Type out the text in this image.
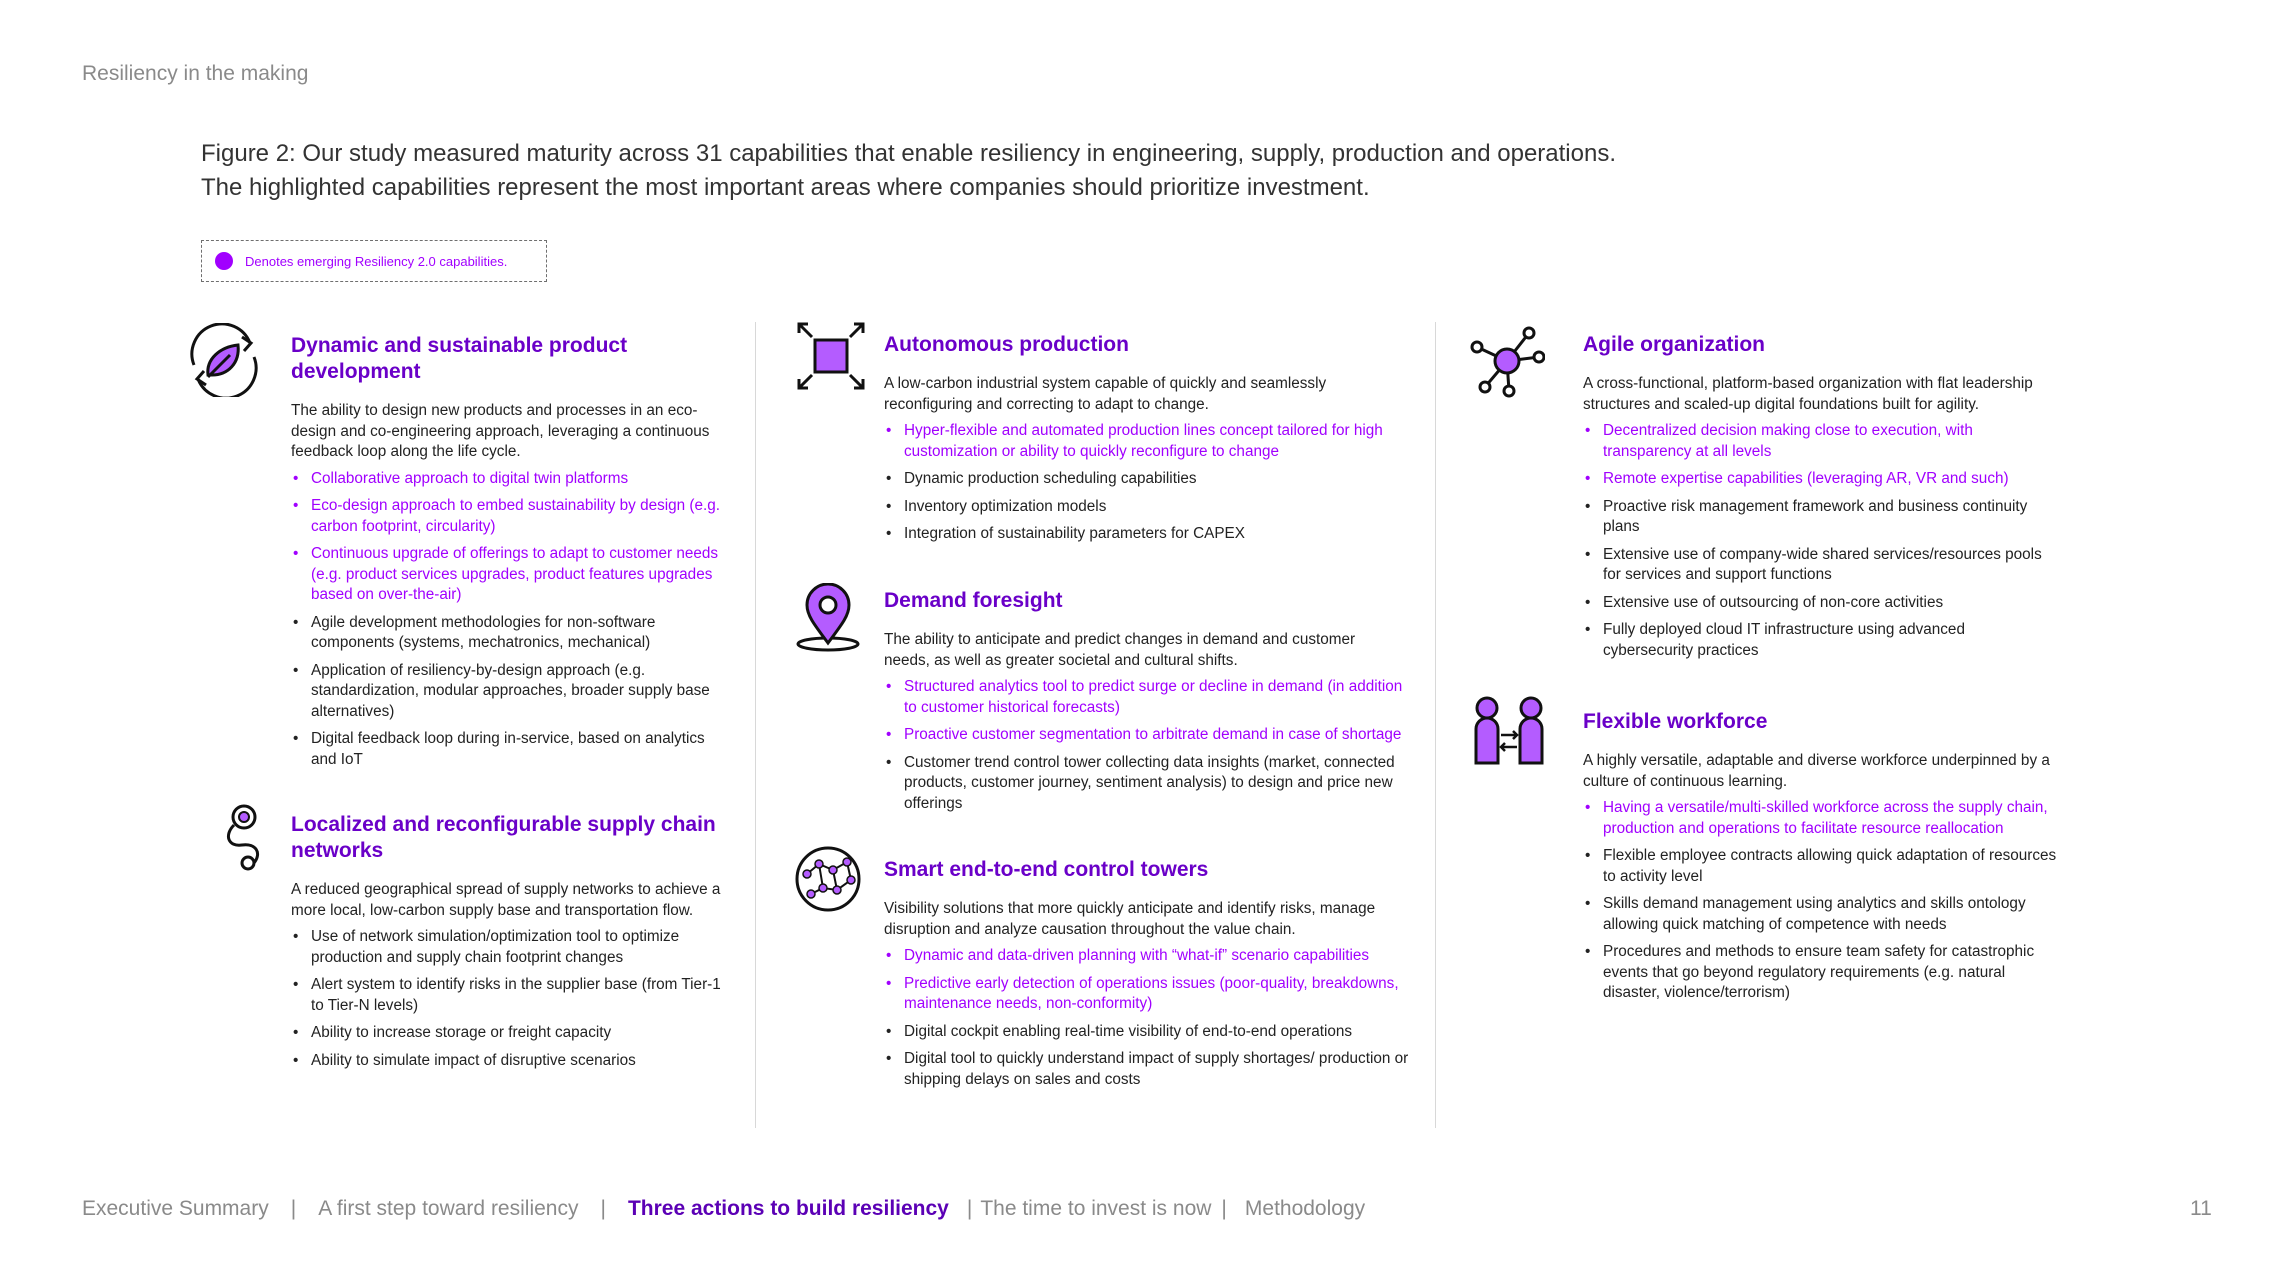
Resiliency in the making
Figure 2: Our study measured maturity across 31 capabilities that enable resiliency in engineering, supply, production and operations.
The highlighted capabilities represent the most important areas where companies should prioritize investment.
Denotes emerging Resiliency 2.0 capabilities.
Dynamic and sustainable product development
The ability to design new products and processes in an eco-design and co-engineering approach, leveraging a continuous feedback loop along the life cycle.
• Collaborative approach to digital twin platforms
• Eco-design approach to embed sustainability by design (e.g. carbon footprint, circularity)
• Continuous upgrade of offerings to adapt to customer needs (e.g. product services upgrades, product features upgrades based on over-the-air)
• Agile development methodologies for non-software components (systems, mechatronics, mechanical)
• Application of resiliency-by-design approach (e.g. standardization, modular approaches, broader supply base alternatives)
• Digital feedback loop during in-service, based on analytics and IoT
Localized and reconfigurable supply chain networks
A reduced geographical spread of supply networks to achieve a more local, low-carbon supply base and transportation flow.
• Use of network simulation/optimization tool to optimize production and supply chain footprint changes
• Alert system to identify risks in the supplier base (from Tier-1 to Tier-N levels)
• Ability to increase storage or freight capacity
• Ability to simulate impact of disruptive scenarios
Autonomous production
A low-carbon industrial system capable of quickly and seamlessly reconfiguring and correcting to adapt to change.
• Hyper-flexible and automated production lines concept tailored for high customization or ability to quickly reconfigure to change
• Dynamic production scheduling capabilities
• Inventory optimization models
• Integration of sustainability parameters for CAPEX
Demand foresight
The ability to anticipate and predict changes in demand and customer needs, as well as greater societal and cultural shifts.
• Structured analytics tool to predict surge or decline in demand (in addition to customer historical forecasts)
• Proactive customer segmentation to arbitrate demand in case of shortage
• Customer trend control tower collecting data insights (market, connected products, customer journey, sentiment analysis) to design and price new offerings
Smart end-to-end control towers
Visibility solutions that more quickly anticipate and identify risks, manage disruption and analyze causation throughout the value chain.
• Dynamic and data-driven planning with “what-if” scenario capabilities
• Predictive early detection of operations issues (poor-quality, breakdowns, maintenance needs, non-conformity)
• Digital cockpit enabling real-time visibility of end-to-end operations
• Digital tool to quickly understand impact of supply shortages/ production or shipping delays on sales and costs
Agile organization
A cross-functional, platform-based organization with flat leadership structures and scaled-up digital foundations built for agility.
• Decentralized decision making close to execution, with transparency at all levels
• Remote expertise capabilities (leveraging AR, VR and such)
• Proactive risk management framework and business continuity plans
• Extensive use of company-wide shared services/resources pools for services and support functions
• Extensive use of outsourcing of non-core activities
• Fully deployed cloud IT infrastructure using advanced cybersecurity practices
Flexible workforce
A highly versatile, adaptable and diverse workforce underpinned by a culture of continuous learning.
• Having a versatile/multi-skilled workforce across the supply chain, production and operations to facilitate resource reallocation
• Flexible employee contracts allowing quick adaptation of resources to activity level
• Skills demand management using analytics and skills ontology allowing quick matching of competence with needs
• Procedures and methods to ensure team safety for catastrophic events that go beyond regulatory requirements (e.g. natural disaster, violence/terrorism)
Executive Summary | A first step toward resiliency | Three actions to build resiliency | The time to invest is now | Methodology	11
